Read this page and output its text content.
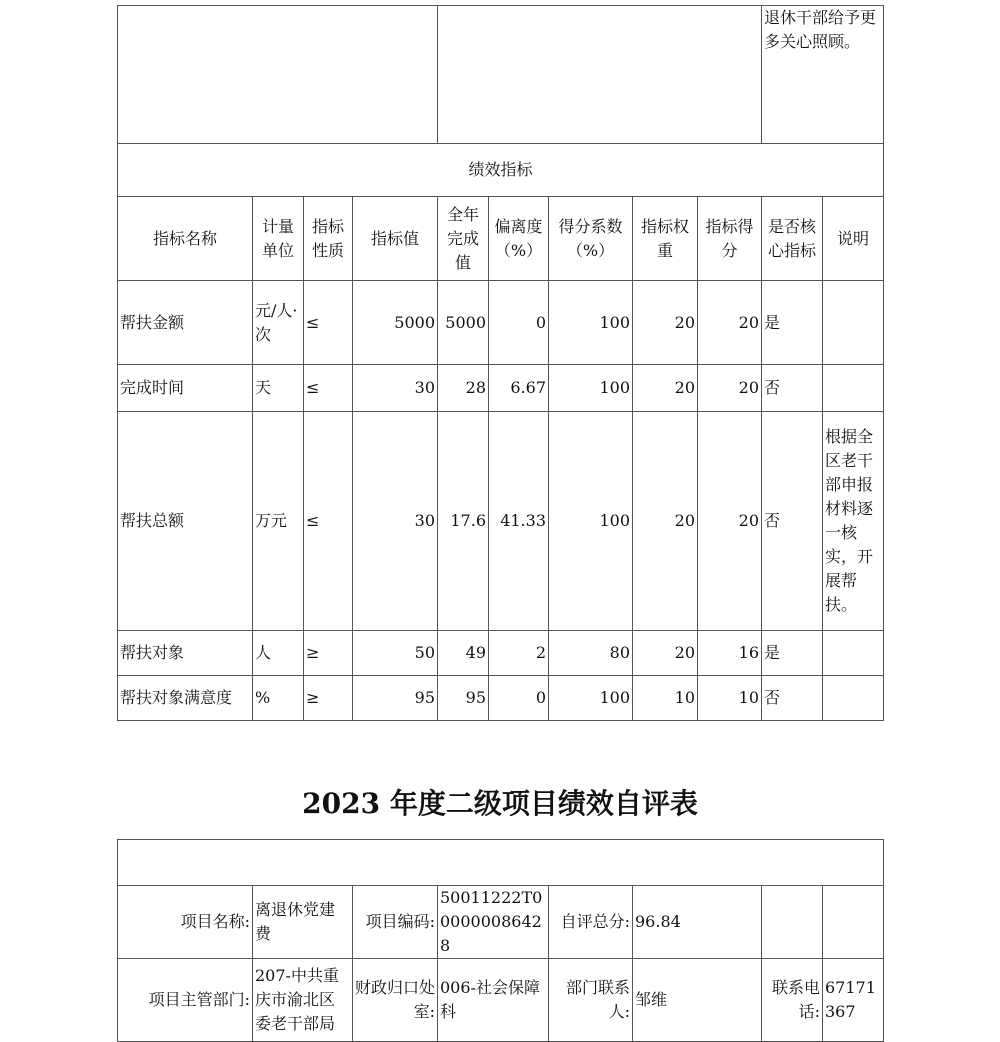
									退休干部给予更多关心照顾。	
绩效指标										
指标名称	计量单位	指标性质	指标值	全年完成值	偏离度（%）	得分系数（%）	指标权重	指标得分	是否核心指标	说明
帮扶金额	元/人·次	≤	5000	5000	0	100	20	20	是	
完成时间	天	≤	30	28	6.67	100	20	20	否	
帮扶总额	万元	≤	30	17.6	41.33	100	20	20	否	根据全区老干部申报材料逐一核实，开展帮扶。
帮扶对象	人	≥	50	49	2	80	20	16	是	
帮扶对象满意度	%	≥	95	95	0	100	10	10	否	
2023 年度二级项目绩效自评表

项目名称:	离退休党建费	项目编码:	50011222T000000086428	自评总分:	96.84		
项目主管部门:	207-中共重庆市渝北区委老干部局	财政归口处室:	006-社会保障科	部门联系人:	邹维	联系电话:	67171367
